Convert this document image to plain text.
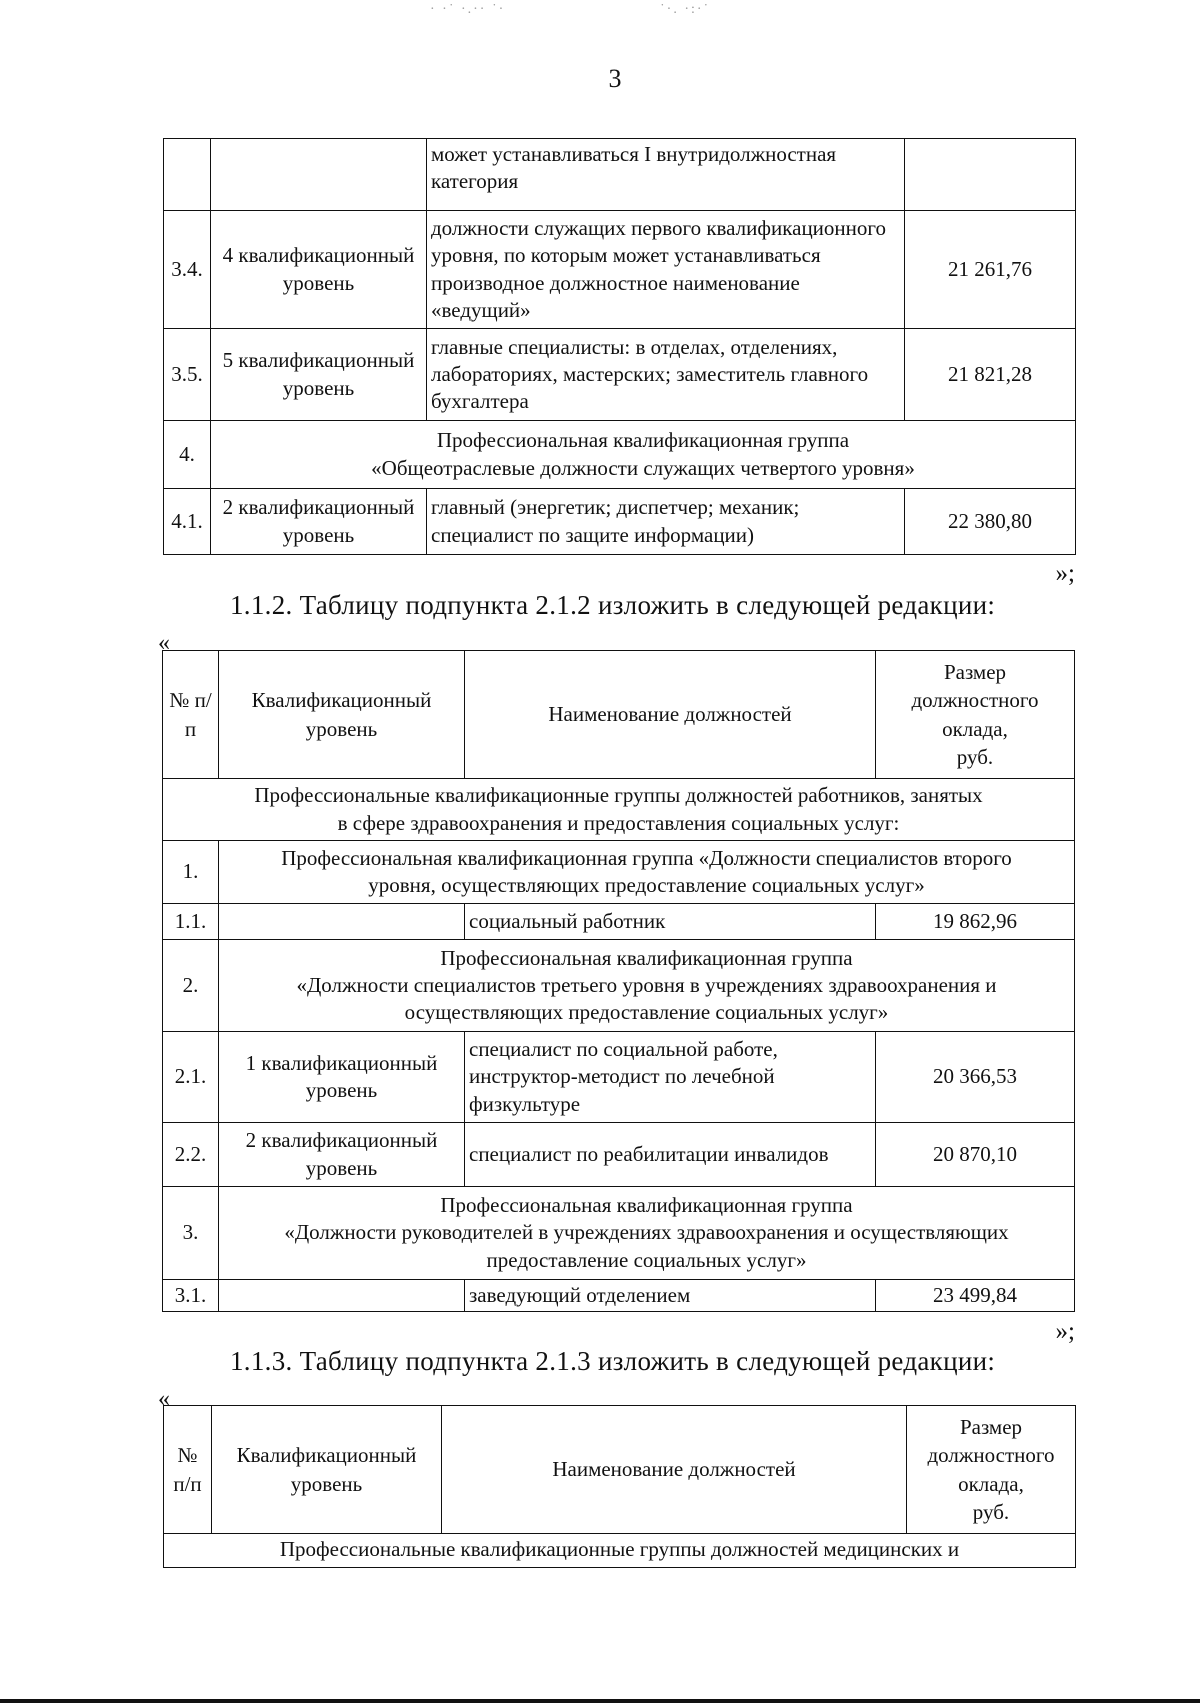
· ·˙ ·.·· ˙·	˙·. ·:·˙
3
		может устанавливаться I внутридолжностная категория	
3.4.	4 квалификационный уровень	должности служащих первого квалификационного уровня, по которым может устанавливаться производное должностное наименование «ведущий»	21 261,76
3.5.	5 квалификационный уровень	главные специалисты: в отделах, отделениях, лабораториях, мастерских; заместитель главного бухгалтера	21 821,28
4.	Профессиональная квалификационная группа
«Общеотраслевые должности служащих четвертого уровня»		

4.1.	2 квалификационный уровень	главный (энергетик; диспетчер; механик; специалист по защите информации)	22 380,80
»;
1.1.2. Таблицу подпункта 2.1.2 изложить в следующей редакции:
«
№ п/п	Квалификационный уровень	Наименование должностей	Размер
должностного
оклада,
руб.

Профессиональные квалификационные группы должностей работников, занятых
в сфере здравоохранения и предоставления социальных услуг:			

1.	Профессиональная квалификационная группа «Должности специалистов второго
уровня, осуществляющих предоставление социальных услуг»		

1.1.		социальный работник	19 862,96
2.	Профессиональная квалификационная группа
«Должности специалистов третьего уровня в учреждениях здравоохранения и
осуществляющих предоставление социальных услуг»		

2.1.	1 квалификационный уровень	специалист по социальной работе, инструктор-методист по лечебной физкультуре	20 366,53
2.2.	2 квалификационный уровень	специалист по реабилитации инвалидов	20 870,10
3.	Профессиональная квалификационная группа
«Должности руководителей в учреждениях здравоохранения и осуществляющих
предоставление социальных услуг»		

3.1.		заведующий отделением	23 499,84
»;
1.1.3. Таблицу подпункта 2.1.3 изложить в следующей редакции:
«
№ п/п	Квалификационный уровень	Наименование должностей	
Размер
должностного
оклада,
руб.

Профессиональные квалификационные группы должностей медицинских и
